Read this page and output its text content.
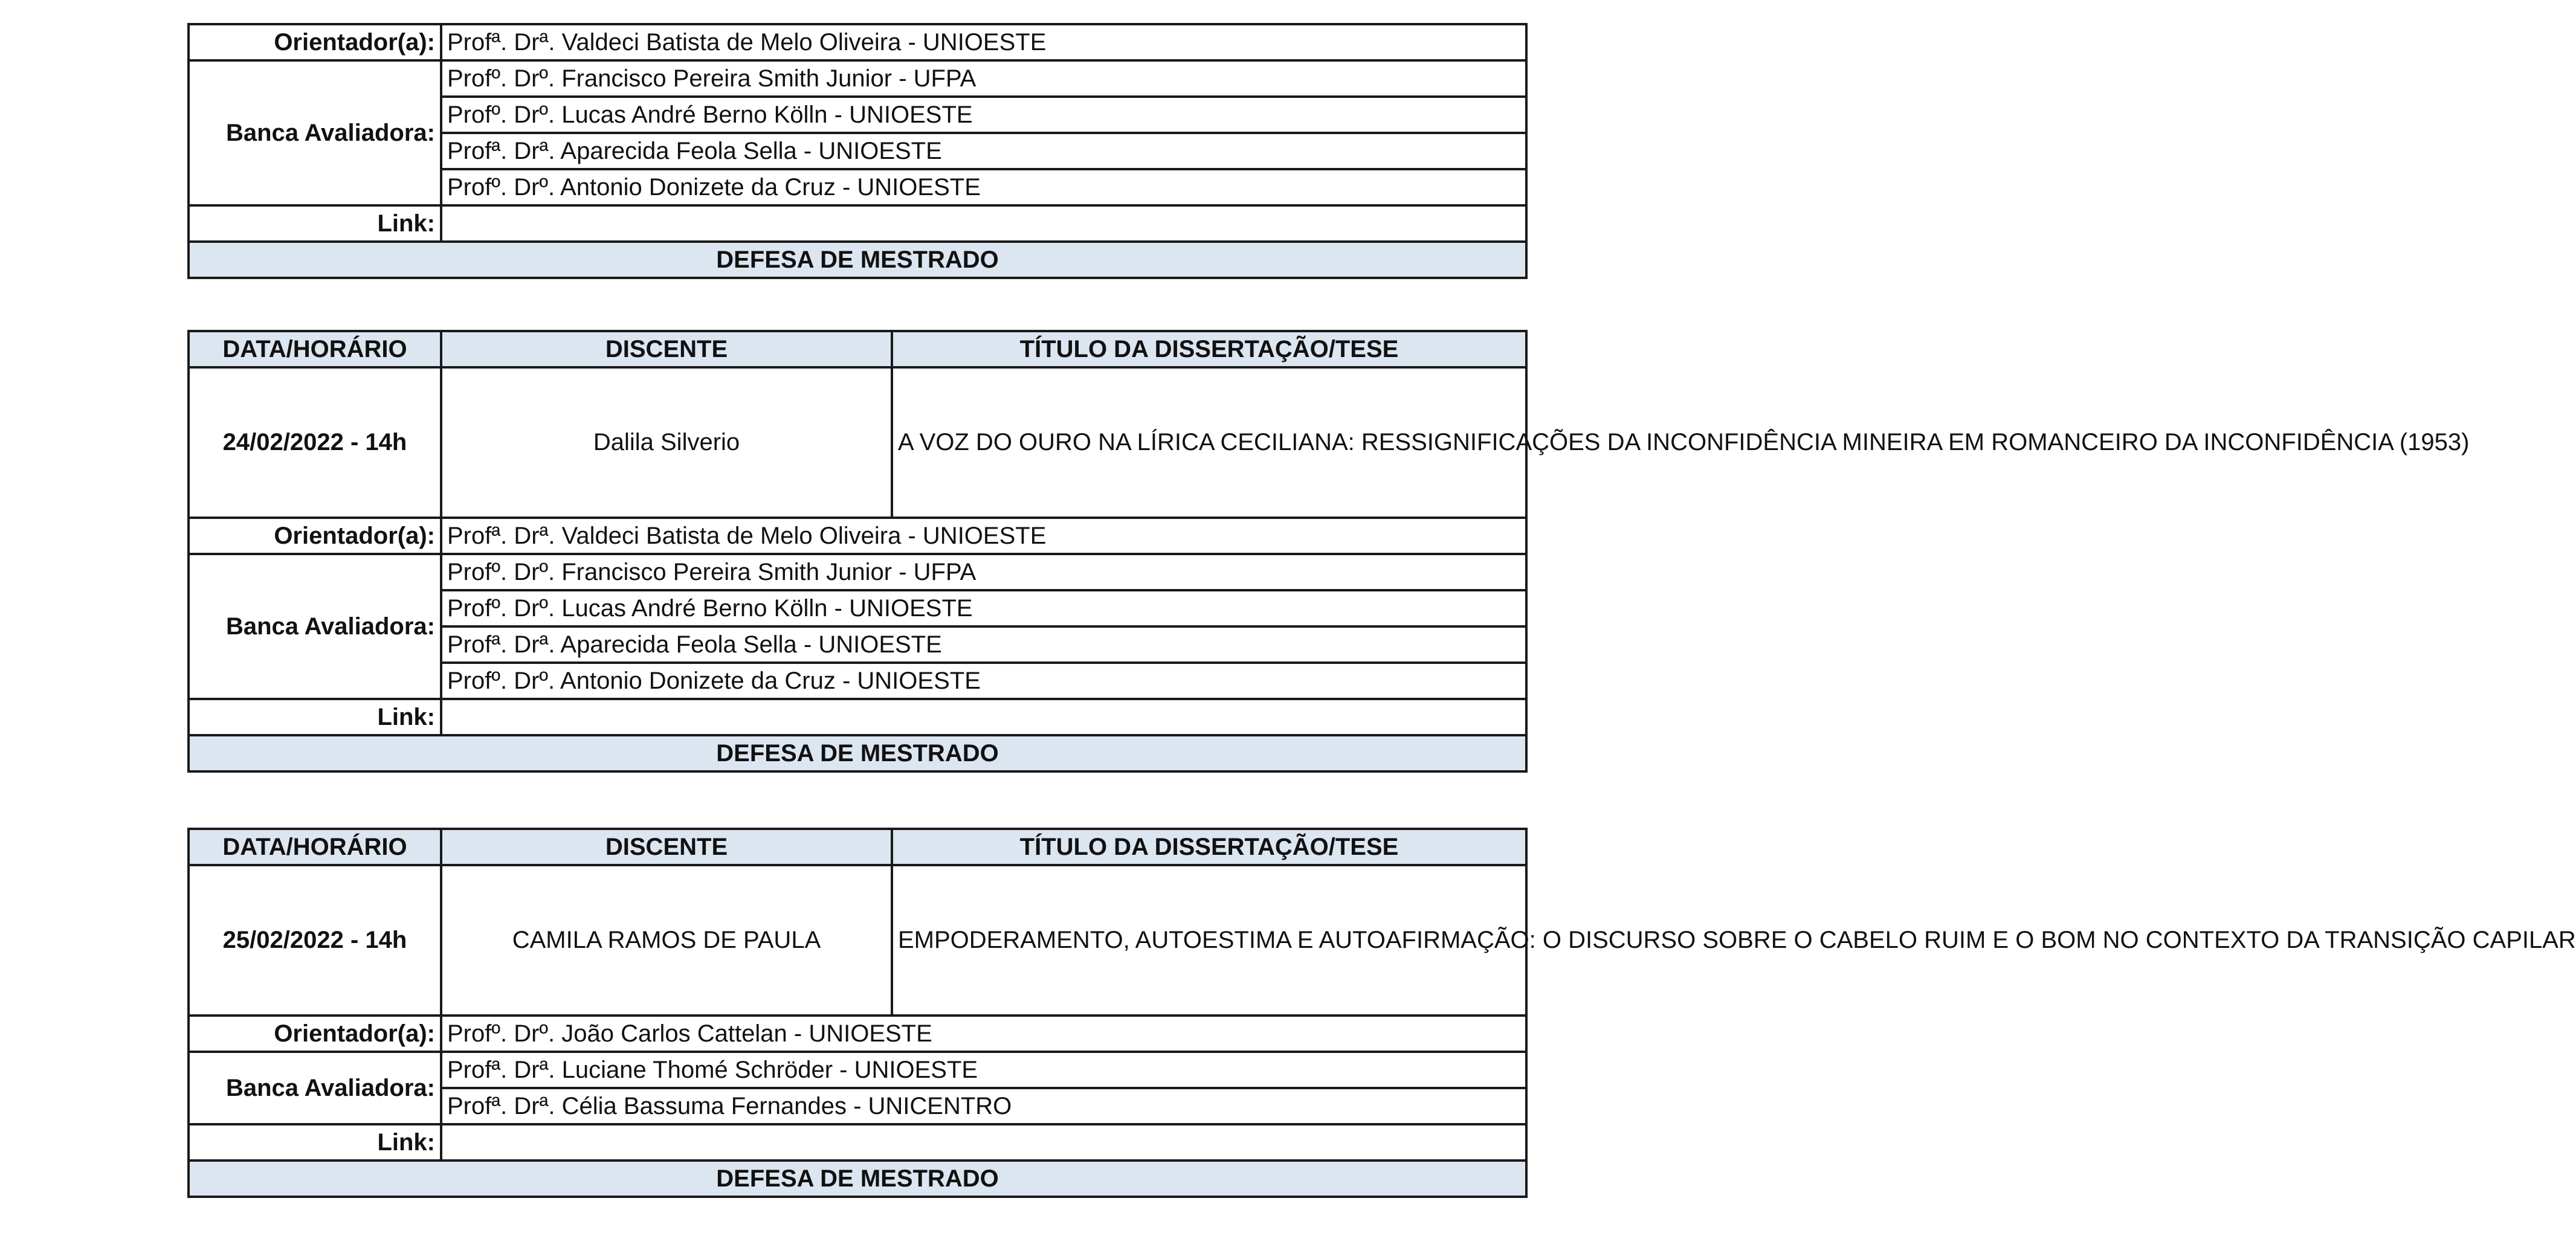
Orientador(a):	Profª. Drª. Valdeci Batista de Melo Oliveira - UNIOESTE
Banca Avaliadora:	Profº. Drº. Francisco Pereira Smith Junior - UFPA
	Profº. Drº. Lucas André Berno Kölln - UNIOESTE
	Profª. Drª. Aparecida Feola Sella - UNIOESTE
	Profº. Drº. Antonio Donizete da Cruz - UNIOESTE
Link:	
DEFESA DE MESTRADO	
DATA/HORÁRIO	DISCENTE	TÍTULO DA DISSERTAÇÃO/TESE
24/02/2022 - 14h	Dalila Silverio	A VOZ DO OURO NA LÍRICA CECILIANA: RESSIGNIFICAÇÕES DA INCONFIDÊNCIA MINEIRA EM ROMANCEIRO DA INCONFIDÊNCIA (1953)
Orientador(a):	Profª. Drª. Valdeci Batista de Melo Oliveira - UNIOESTE	
Banca Avaliadora:	Profº. Drº. Francisco Pereira Smith Junior - UFPA	
	Profº. Drº. Lucas André Berno Kölln - UNIOESTE	
	Profª. Drª. Aparecida Feola Sella - UNIOESTE	
	Profº. Drº. Antonio Donizete da Cruz - UNIOESTE	
Link:		
DEFESA DE MESTRADO		
DATA/HORÁRIO	DISCENTE	TÍTULO DA DISSERTAÇÃO/TESE
25/02/2022 - 14h	CAMILA RAMOS DE PAULA	EMPODERAMENTO, AUTOESTIMA E AUTOAFIRMAÇÃO: O DISCURSO SOBRE O CABELO RUIM E O BOM NO CONTEXTO DA TRANSIÇÃO CAPILAR
Orientador(a):	Profº. Drº. João Carlos Cattelan - UNIOESTE	
Banca Avaliadora:	Profª. Drª. Luciane Thomé Schröder - UNIOESTE	
	Profª. Drª. Célia Bassuma Fernandes - UNICENTRO	
Link:		
DEFESA DE MESTRADO		
